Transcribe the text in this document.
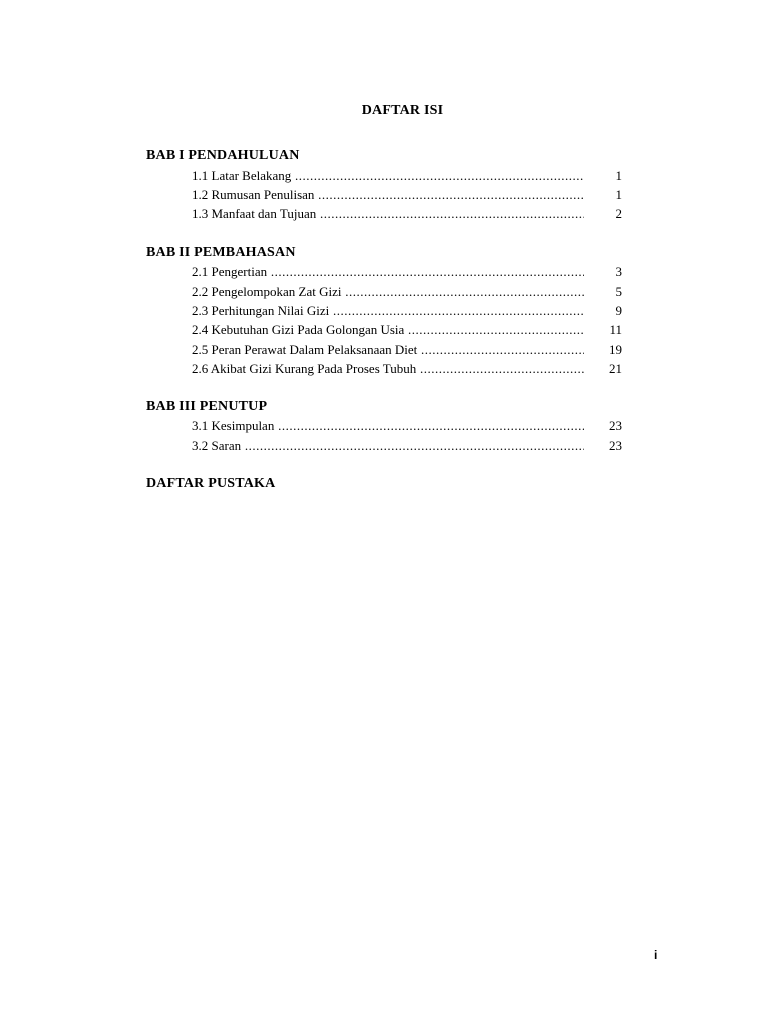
DAFTAR ISI
BAB I PENDAHULUAN
1.1 Latar Belakang .....	1
1.2 Rumusan Penulisan .....	1
1.3 Manfaat dan Tujuan .....	2
BAB II PEMBAHASAN
2.1 Pengertian .....	3
2.2 Pengelompokan Zat Gizi .....	5
2.3 Perhitungan Nilai Gizi .....	9
2.4 Kebutuhan Gizi Pada Golongan Usia .....	11
2.5 Peran Perawat Dalam Pelaksanaan Diet .....	19
2.6 Akibat Gizi Kurang Pada Proses Tubuh .....	21
BAB III PENUTUP
3.1 Kesimpulan .....	23
3.2 Saran .....	23
DAFTAR PUSTAKA
i
